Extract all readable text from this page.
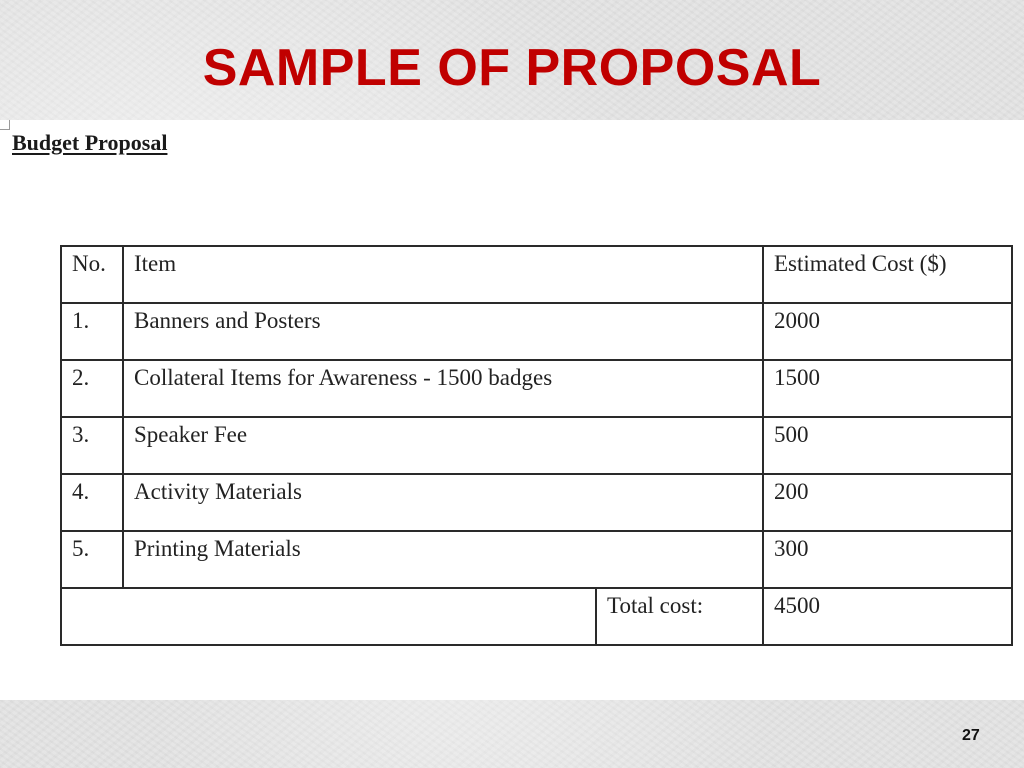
SAMPLE OF PROPOSAL
Budget Proposal
No.	Item		Estimated Cost ($)
1.	Banners and Posters		2000
2.	Collateral Items for Awareness - 1500 badges		1500
3.	Speaker Fee		500
4.	Activity Materials		200
5.	Printing Materials		300
		Total cost:	4500
27
